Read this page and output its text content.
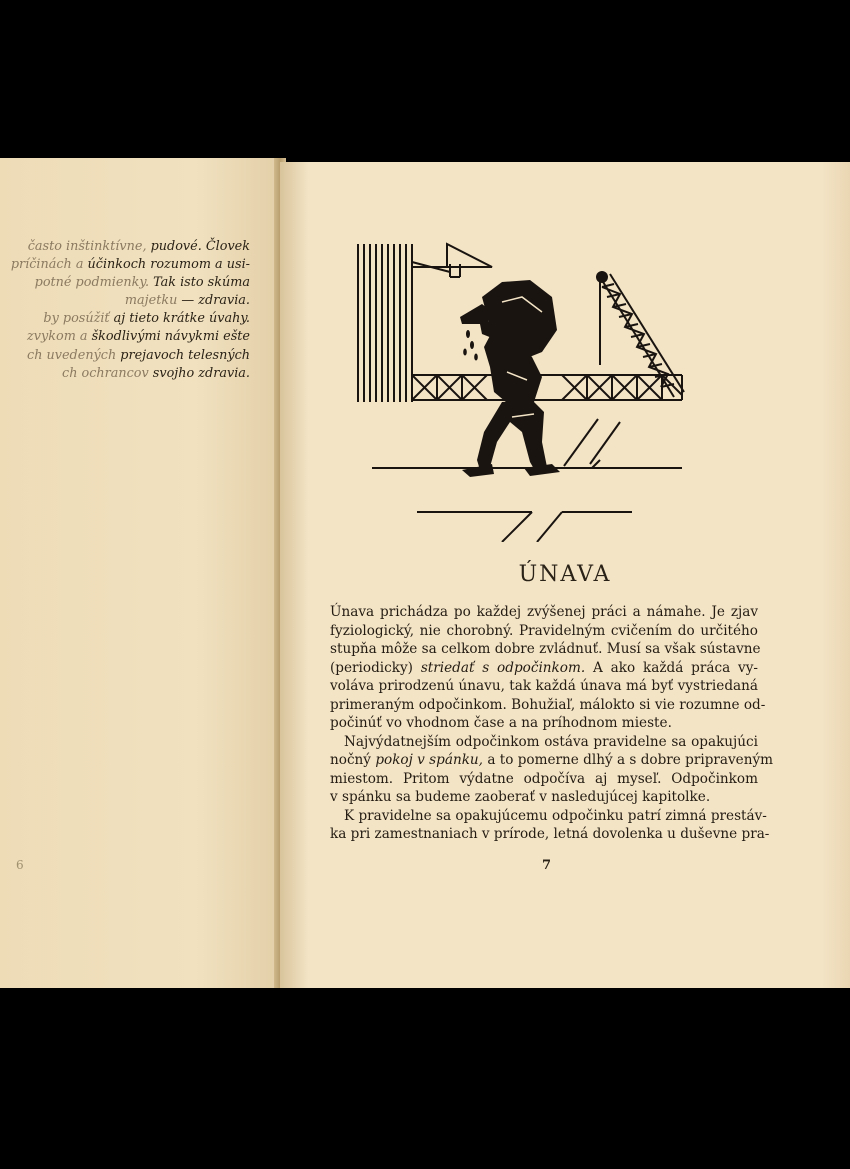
často inštinktívne, pudové. Človek
príčinách a účinkoch rozumom a usi-
potné podmienky. Tak isto skúma
majetku — zdravia.
by posúžiť aj tieto krátke úvahy.
zvykom a škodlivými návykmi ešte
ch uvedených prejavoch telesných
ch ochrancov svojho zdravia.
6
ÚNAVA
Únava prichádza po každej zvýšenej práci a námahe. Je zjav
fyziologický, nie chorobný. Pravidelným cvičením do určitého
stupňa môže sa celkom dobre zvládnuť. Musí sa však sústavne
(periodicky) striedať s odpočinkom. A ako každá práca vy-
voláva prirodzenú únavu, tak každá únava má byť vystriedaná
primeraným odpočinkom. Bohužiaľ, málokto si vie rozumne od-
počinúť vo vhodnom čase a na príhodnom mieste.
Najvýdatnejším odpočinkom ostáva pravidelne sa opakujúci
nočný pokoj v spánku, a to pomerne dlhý a s dobre pripraveným
miestom. Pritom výdatne odpočíva aj myseľ. Odpočinkom
v spánku sa budeme zaoberať v nasledujúcej kapitolke.
K pravidelne sa opakujúcemu odpočinku patrí zimná prestáv-
ka pri zamestnaniach v prírode, letná dovolenka u duševne pra-
7
